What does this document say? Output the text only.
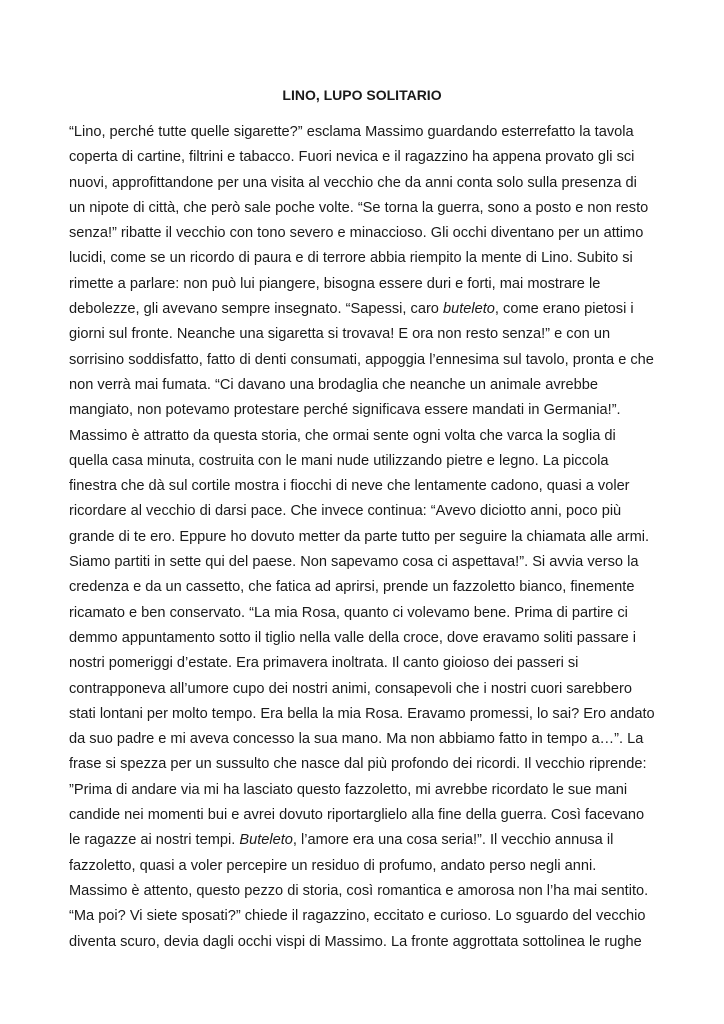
LINO, LUPO SOLITARIO
“Lino, perché tutte quelle sigarette?” esclama Massimo guardando esterrefatto la tavola
coperta di cartine, filtrini e tabacco. Fuori nevica e il ragazzino ha appena provato gli sci
nuovi, approfittandone per una visita al vecchio che da anni conta solo sulla presenza di
un nipote di città, che però sale poche volte. “Se torna la guerra, sono a posto e non resto
senza!” ribatte il vecchio con tono severo e minaccioso. Gli occhi diventano per un attimo
lucidi, come se un ricordo di paura e di terrore abbia riempito la mente di Lino. Subito si
rimette a parlare: non può lui piangere, bisogna essere duri e forti, mai mostrare le
debolezze, gli avevano sempre insegnato. “Sapessi, caro buteleto, come erano pietosi i
giorni sul fronte. Neanche una sigaretta si trovava! E ora non resto senza!” e con un
sorrisino soddisfatto, fatto di denti consumati, appoggia l’ennesima sul tavolo, pronta e che
non verrà mai fumata. “Ci davano una brodaglia che neanche un animale avrebbe
mangiato, non potevamo protestare perché significava essere mandati in Germania!”.
Massimo è attratto da questa storia, che ormai sente ogni volta che varca la soglia di
quella casa minuta, costruita con le mani nude utilizzando pietre e legno. La piccola
finestra che dà sul cortile mostra i fiocchi di neve che lentamente cadono, quasi a voler
ricordare al vecchio di darsi pace. Che invece continua: “Avevo diciotto anni, poco più
grande di te ero. Eppure ho dovuto metter da parte tutto per seguire la chiamata alle armi.
Siamo partiti in sette qui del paese. Non sapevamo cosa ci aspettava!”. Si avvia verso la
credenza e da un cassetto, che fatica ad aprirsi, prende un fazzoletto bianco, finemente
ricamato e ben conservato. “La mia Rosa, quanto ci volevamo bene. Prima di partire ci
demmo appuntamento sotto il tiglio nella valle della croce, dove eravamo soliti passare i
nostri pomeriggi d’estate. Era primavera inoltrata. Il canto gioioso dei passeri si
contrapponeva all’umore cupo dei nostri animi, consapevoli che i nostri cuori sarebbero
stati lontani per molto tempo. Era bella la mia Rosa. Eravamo promessi, lo sai? Ero andato
da suo padre e mi aveva concesso la sua mano. Ma non abbiamo fatto in tempo a…”. La
frase si spezza per un sussulto che nasce dal più profondo dei ricordi. Il vecchio riprende:
”Prima di andare via mi ha lasciato questo fazzoletto, mi avrebbe ricordato le sue mani
candide nei momenti bui e avrei dovuto riportarglielo alla fine della guerra. Così facevano
le ragazze ai nostri tempi. Buteleto, l’amore era una cosa seria!”. Il vecchio annusa il
fazzoletto, quasi a voler percepire un residuo di profumo, andato perso negli anni.
Massimo è attento, questo pezzo di storia, così romantica e amorosa non l’ha mai sentito.
“Ma poi? Vi siete sposati?” chiede il ragazzino, eccitato e curioso. Lo sguardo del vecchio
diventa scuro, devia dagli occhi vispi di Massimo. La fronte aggrottata sottolinea le rughe
